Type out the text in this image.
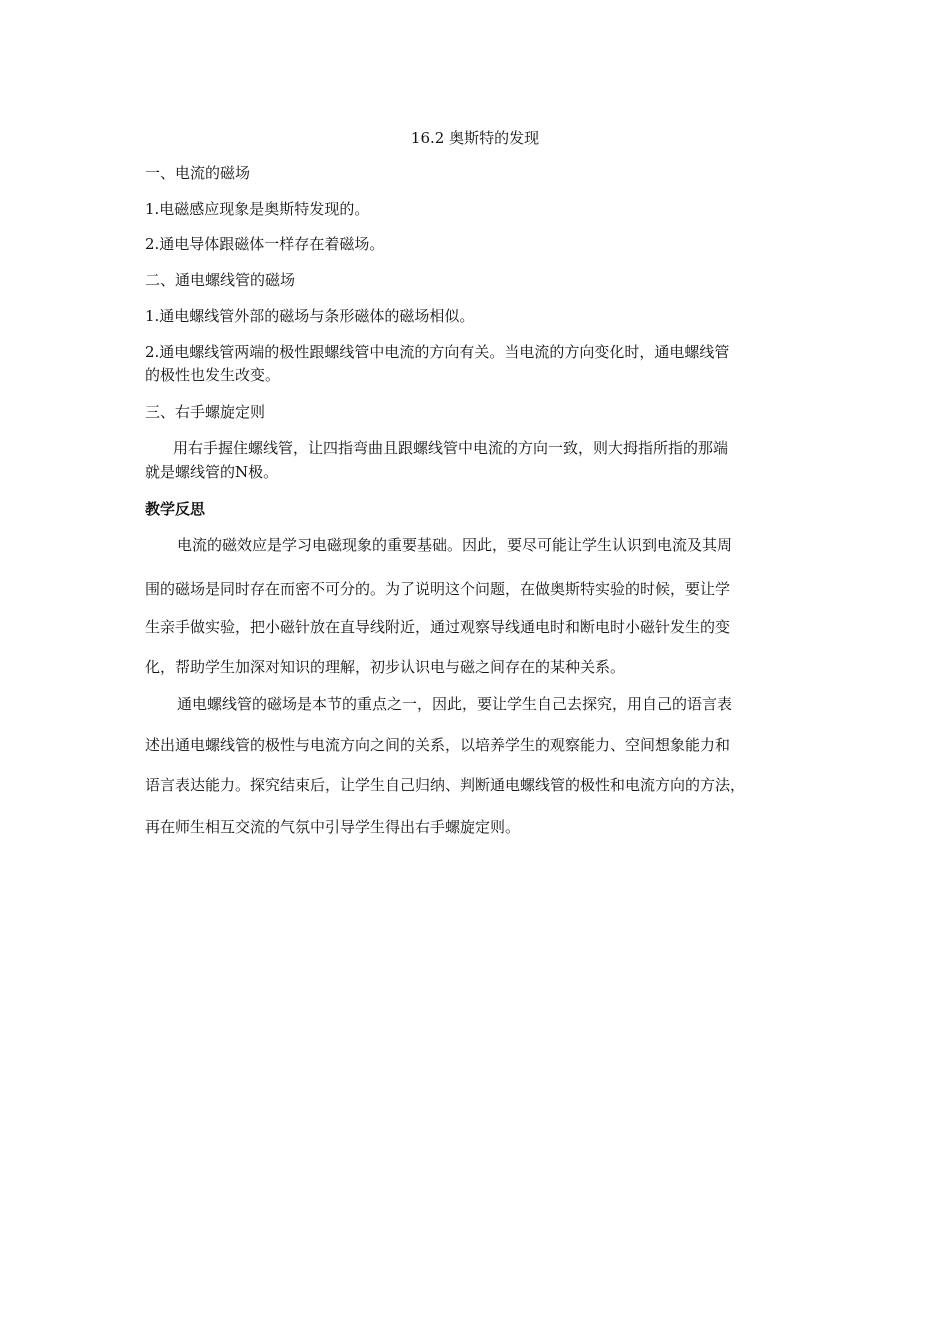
16.2 奥斯特的发现
一、电流的磁场
1.电磁感应现象是奥斯特发现的。
2.通电导体跟磁体一样存在着磁场。
二、通电螺线管的磁场
1.通电螺线管外部的磁场与条形磁体的磁场相似。
2.通电螺线管两端的极性跟螺线管中电流的方向有关。当电流的方向变化时，通电螺线管
的极性也发生改变。
三、右手螺旋定则
用右手握住螺线管，让四指弯曲且跟螺线管中电流的方向一致，则大拇指所指的那端
就是螺线管的N极。
教学反思
电流的磁效应是学习电磁现象的重要基础。因此，要尽可能让学生认识到电流及其周
围的磁场是同时存在而密不可分的。为了说明这个问题，在做奥斯特实验的时候，要让学
生亲手做实验，把小磁针放在直导线附近，通过观察导线通电时和断电时小磁针发生的变
化，帮助学生加深对知识的理解，初步认识电与磁之间存在的某种关系。
通电螺线管的磁场是本节的重点之一，因此，要让学生自己去探究，用自己的语言表
述出通电螺线管的极性与电流方向之间的关系，以培养学生的观察能力、空间想象能力和
语言表达能力。探究结束后，让学生自己归纳、判断通电螺线管的极性和电流方向的方法，
再在师生相互交流的气氛中引导学生得出右手螺旋定则。
